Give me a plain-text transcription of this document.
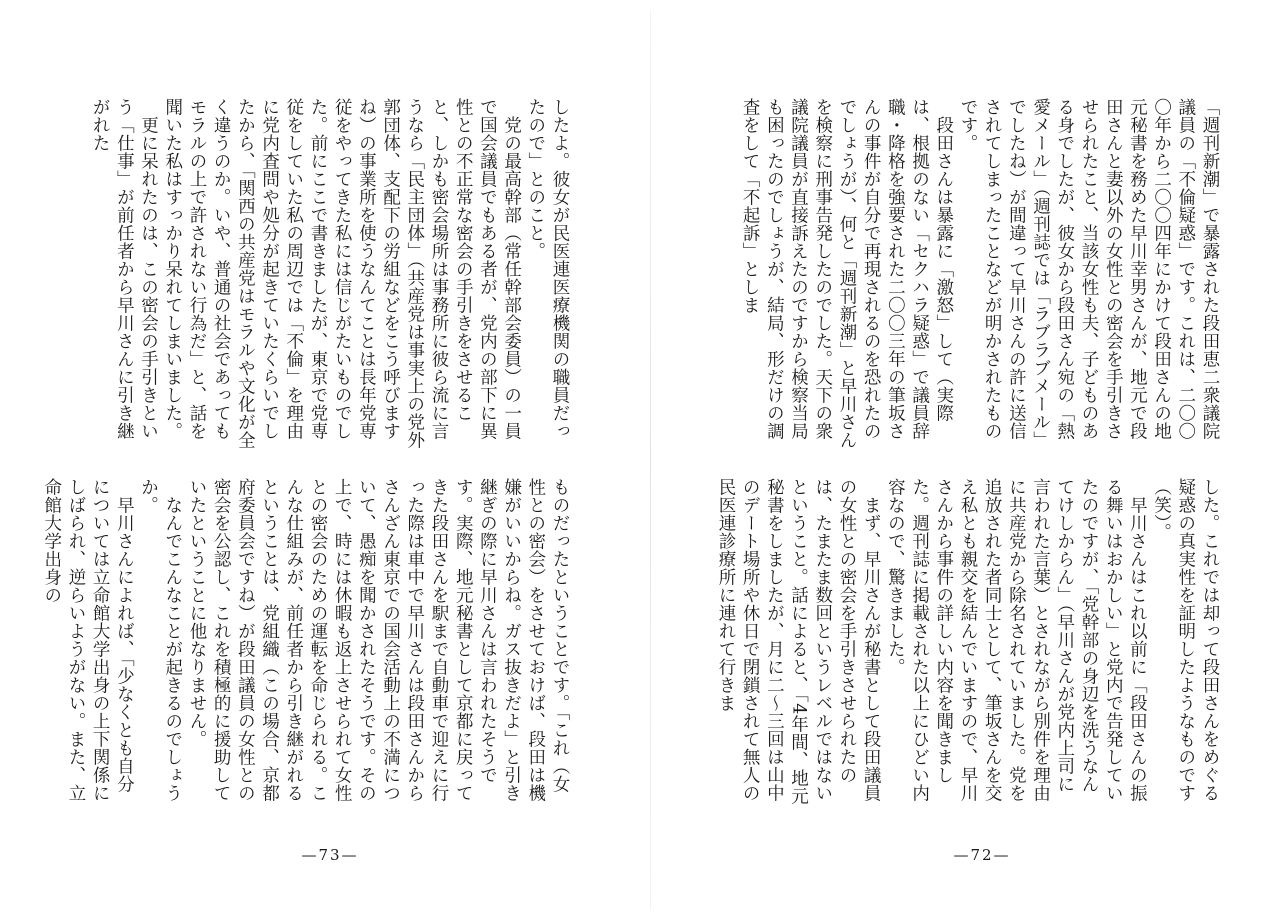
したよ。彼女が民医連医療機関の職員だったので」とのこと。

党の最高幹部（常任幹部会委員）の一員で国会議員でもある者が、党内の部下に異性との不正常な密会の手引きをさせること、しかも密会場所は事務所に彼ら流に言うなら「民主団体」（共産党は事実上の党外郭団体、支配下の労組などをこう呼びますね）の事業所を使うなんてことは長年党専従をやってきた私には信じがたいものでした。前にここで書きましたが、東京で党専従をしていた私の周辺では「不倫」を理由に党内査問や処分が起きていたくらいでしたから、「関西の共産党はモラルや文化が全く違うのか。いや、普通の社会であってもモラルの上で許されない行為だ」と、話を聞いた私はすっかり呆れてしまいました。

更に呆れたのは、この密会の手引きという「仕事」が前任者から早川さんに引き継がれた

ものだったということです。「これ（女性との密会）をさせておけば、段田は機嫌がいいからね。ガス抜きだよ」と引き継ぎの際に早川さんは言われたそうです。実際、地元秘書として京都に戻ってきた段田さんを駅まで自動車で迎えに行った際は車中で早川さんは段田さんからさんざん東京での国会活動上の不満について、愚痴を聞かされたそうです。その上で、時には休暇も返上させられて女性との密会のための運転を命じられる。こんな仕組みが、前任者から引き継がれるということは、党組織（この場合、京都府委員会ですね）が段田議員の女性との密会を公認し、これを積極的に援助していたということに他なりません。

なんでこんなことが起きるのでしょうか。

早川さんによれば、「少なくとも自分については立命館大学出身の上下関係にしばられ、逆らいようがない。また、立命館大学出身の

—73—

「週刊新潮」で暴露された段田恵二衆議院議員の「不倫疑惑」です。これは、二〇〇〇年から二〇〇四年にかけて段田さんの地元秘書を務めた早川幸男さんが、地元で段田さんと妻以外の女性との密会を手引きさせられたこと、当該女性も夫、子どものある身でしたが、彼女から段田さん宛の「熱愛メール」（週刊誌では「ラブラブメール」でしたね）が間違って早川さんの許に送信されてしまったことなどが明かされたものです。

段田さんは暴露に「激怒」して（実際は、根拠のない「セクハラ疑惑」で議員辞職・降格を強要された二〇〇三年の筆坂さんの事件が自分で再現されるのを恐れたのでしょうが）、何と「週刊新潮」と早川さんを検察に刑事告発したのでした。天下の衆議院議員が直接訴えたのですから検察当局も困ったのでしょうが、結局、形だけの調査をして「不起訴」としま

した。これでは却って段田さんをめぐる疑惑の真実性を証明したようなものです（笑）。

早川さんはこれ以前に「段田さんの振る舞いはおかしい」と党内で告発していたのですが、「党幹部の身辺を洗うなんてけしからん」（早川さんが党内上司に言われた言葉）とされながら別件を理由に共産党から除名されていました。党を追放された者同士として、筆坂さんを交え私とも親交を結んでいますので、早川さんから事件の詳しい内容を聞きました。週刊誌に掲載された以上にひどい内容なので、驚きました。

まず、早川さんが秘書として段田議員の女性との密会を手引きさせられたのは、たまたま数回というレベルではないということ。話によると、「4年間、地元秘書をしましたが、月に二～三回は山中のデート場所や休日で閉鎖されて無人の民医連診療所に連れて行きま

—72—
